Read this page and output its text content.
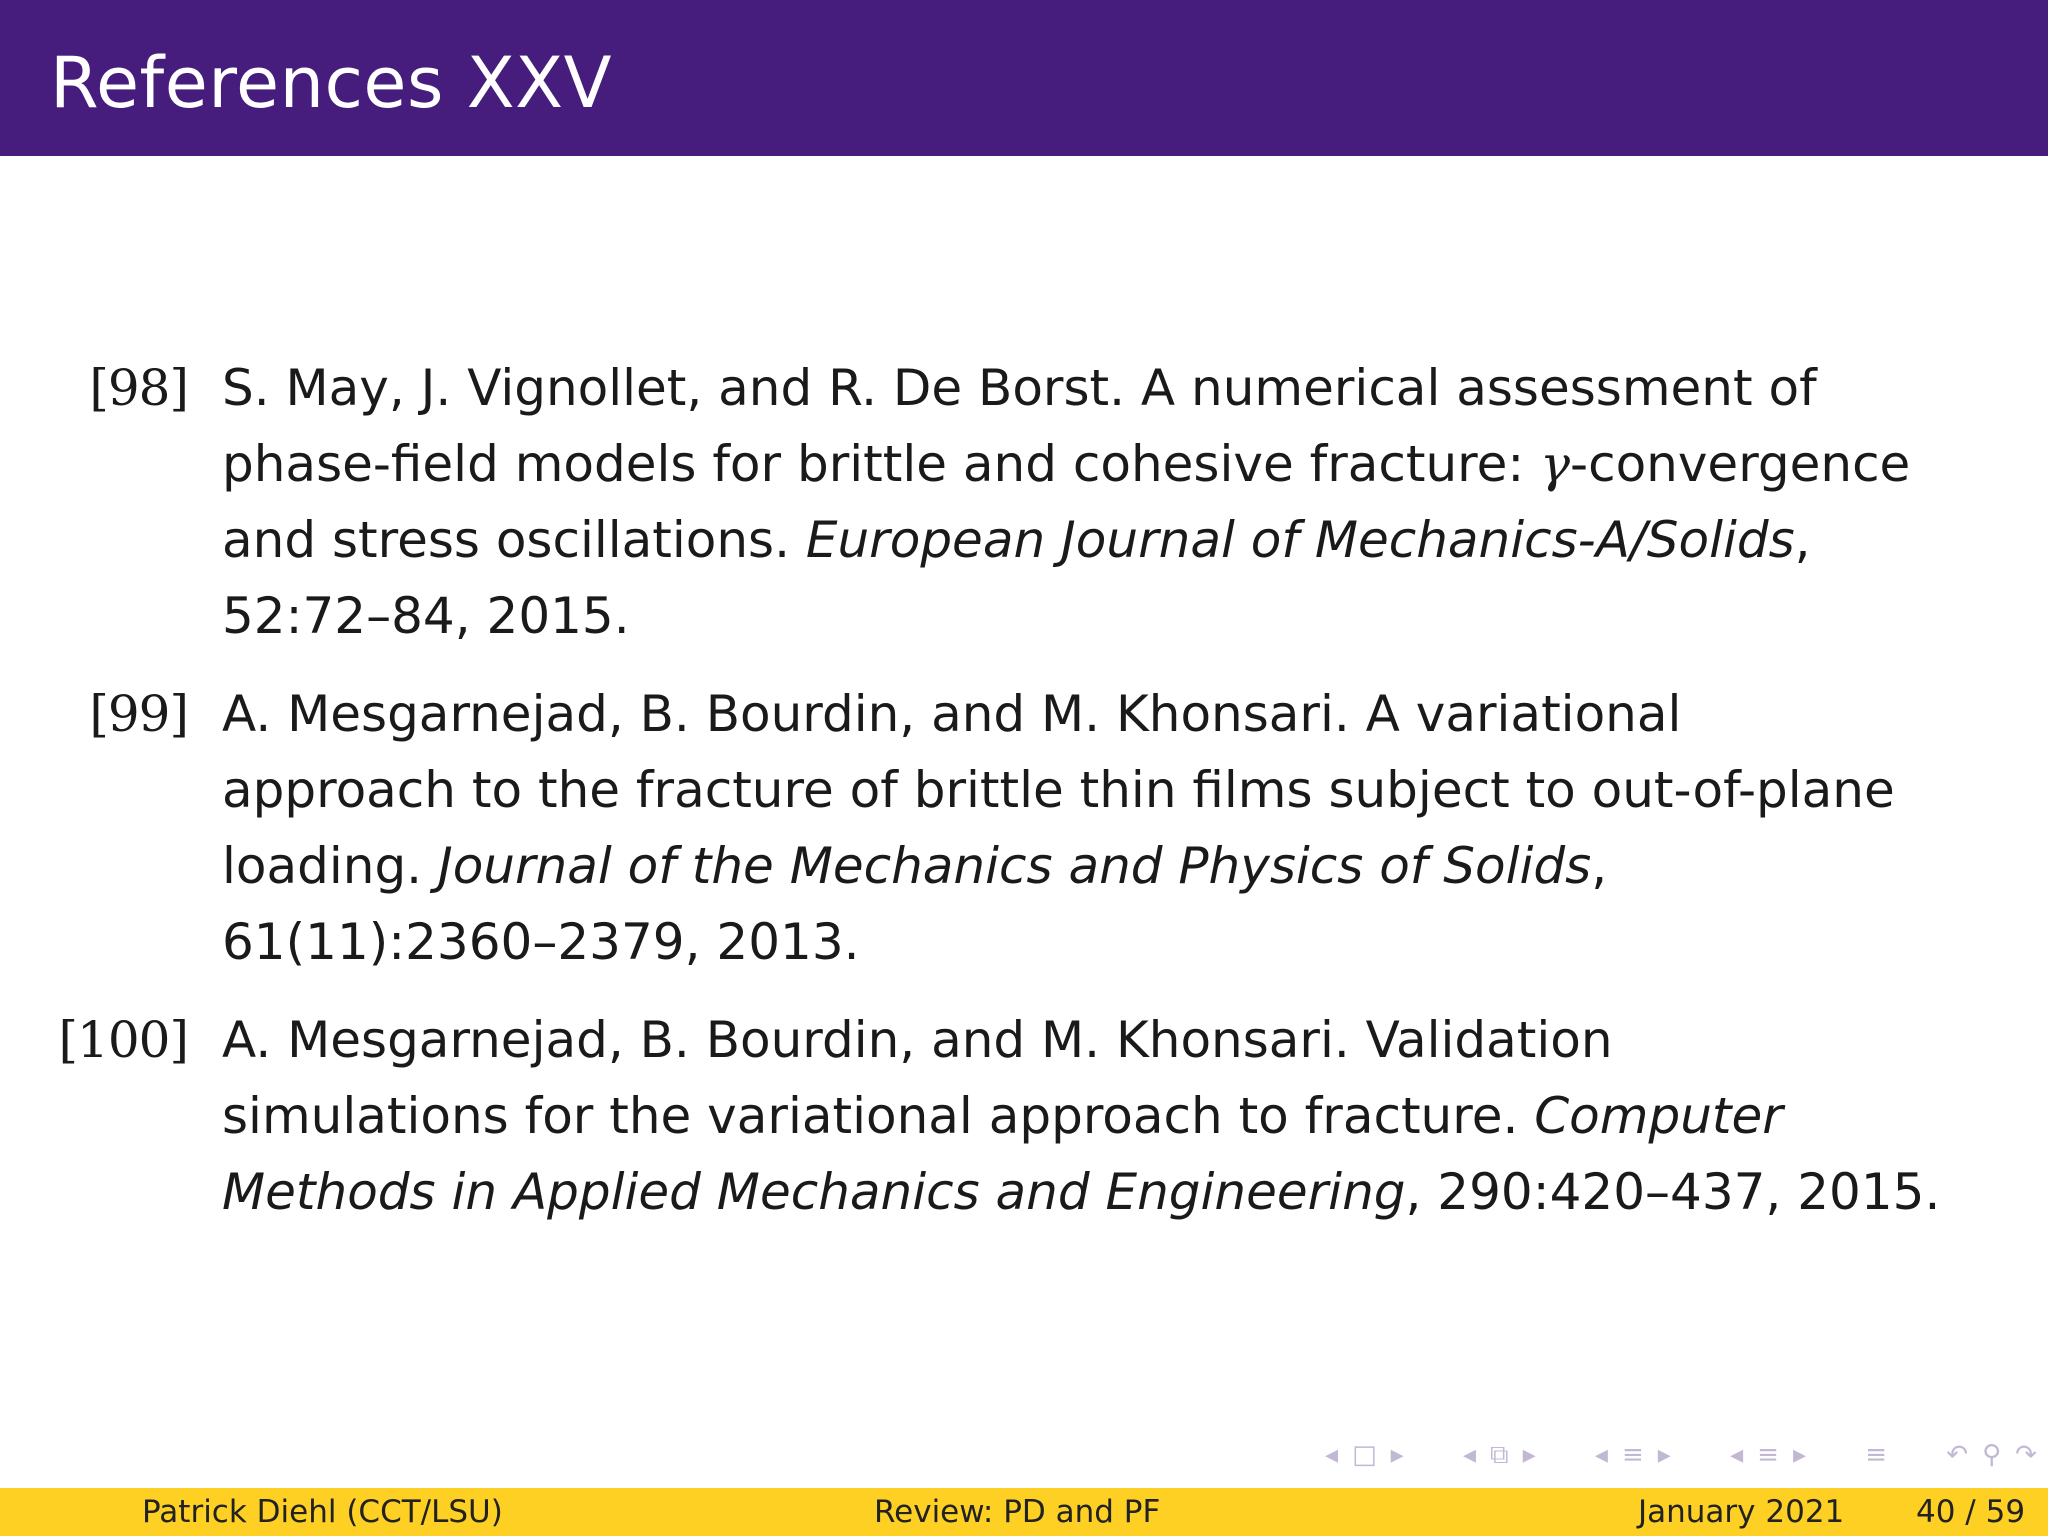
References XXV
[98] S. May, J. Vignollet, and R. De Borst. A numerical assessment of
phase-field models for brittle and cohesive fracture: γ-convergence
and stress oscillations. European Journal of Mechanics-A/Solids,
52:72–84, 2015.
[99] A. Mesgarnejad, B. Bourdin, and M. Khonsari. A variational
approach to the fracture of brittle thin films subject to out-of-plane
loading. Journal of the Mechanics and Physics of Solids,
61(11):2360–2379, 2013.
[100] A. Mesgarnejad, B. Bourdin, and M. Khonsari. Validation
simulations for the variational approach to fracture. Computer
Methods in Applied Mechanics and Engineering, 290:420–437, 2015.
◂ □ ▸ ◂ ⧉ ▸ ◂ ≡ ▸ ◂ ≡ ▸ ≡ ↶ ⚲ ↷
Patrick Diehl (CCT/LSU)	Review: PD and PF	January 2021 40 / 59
